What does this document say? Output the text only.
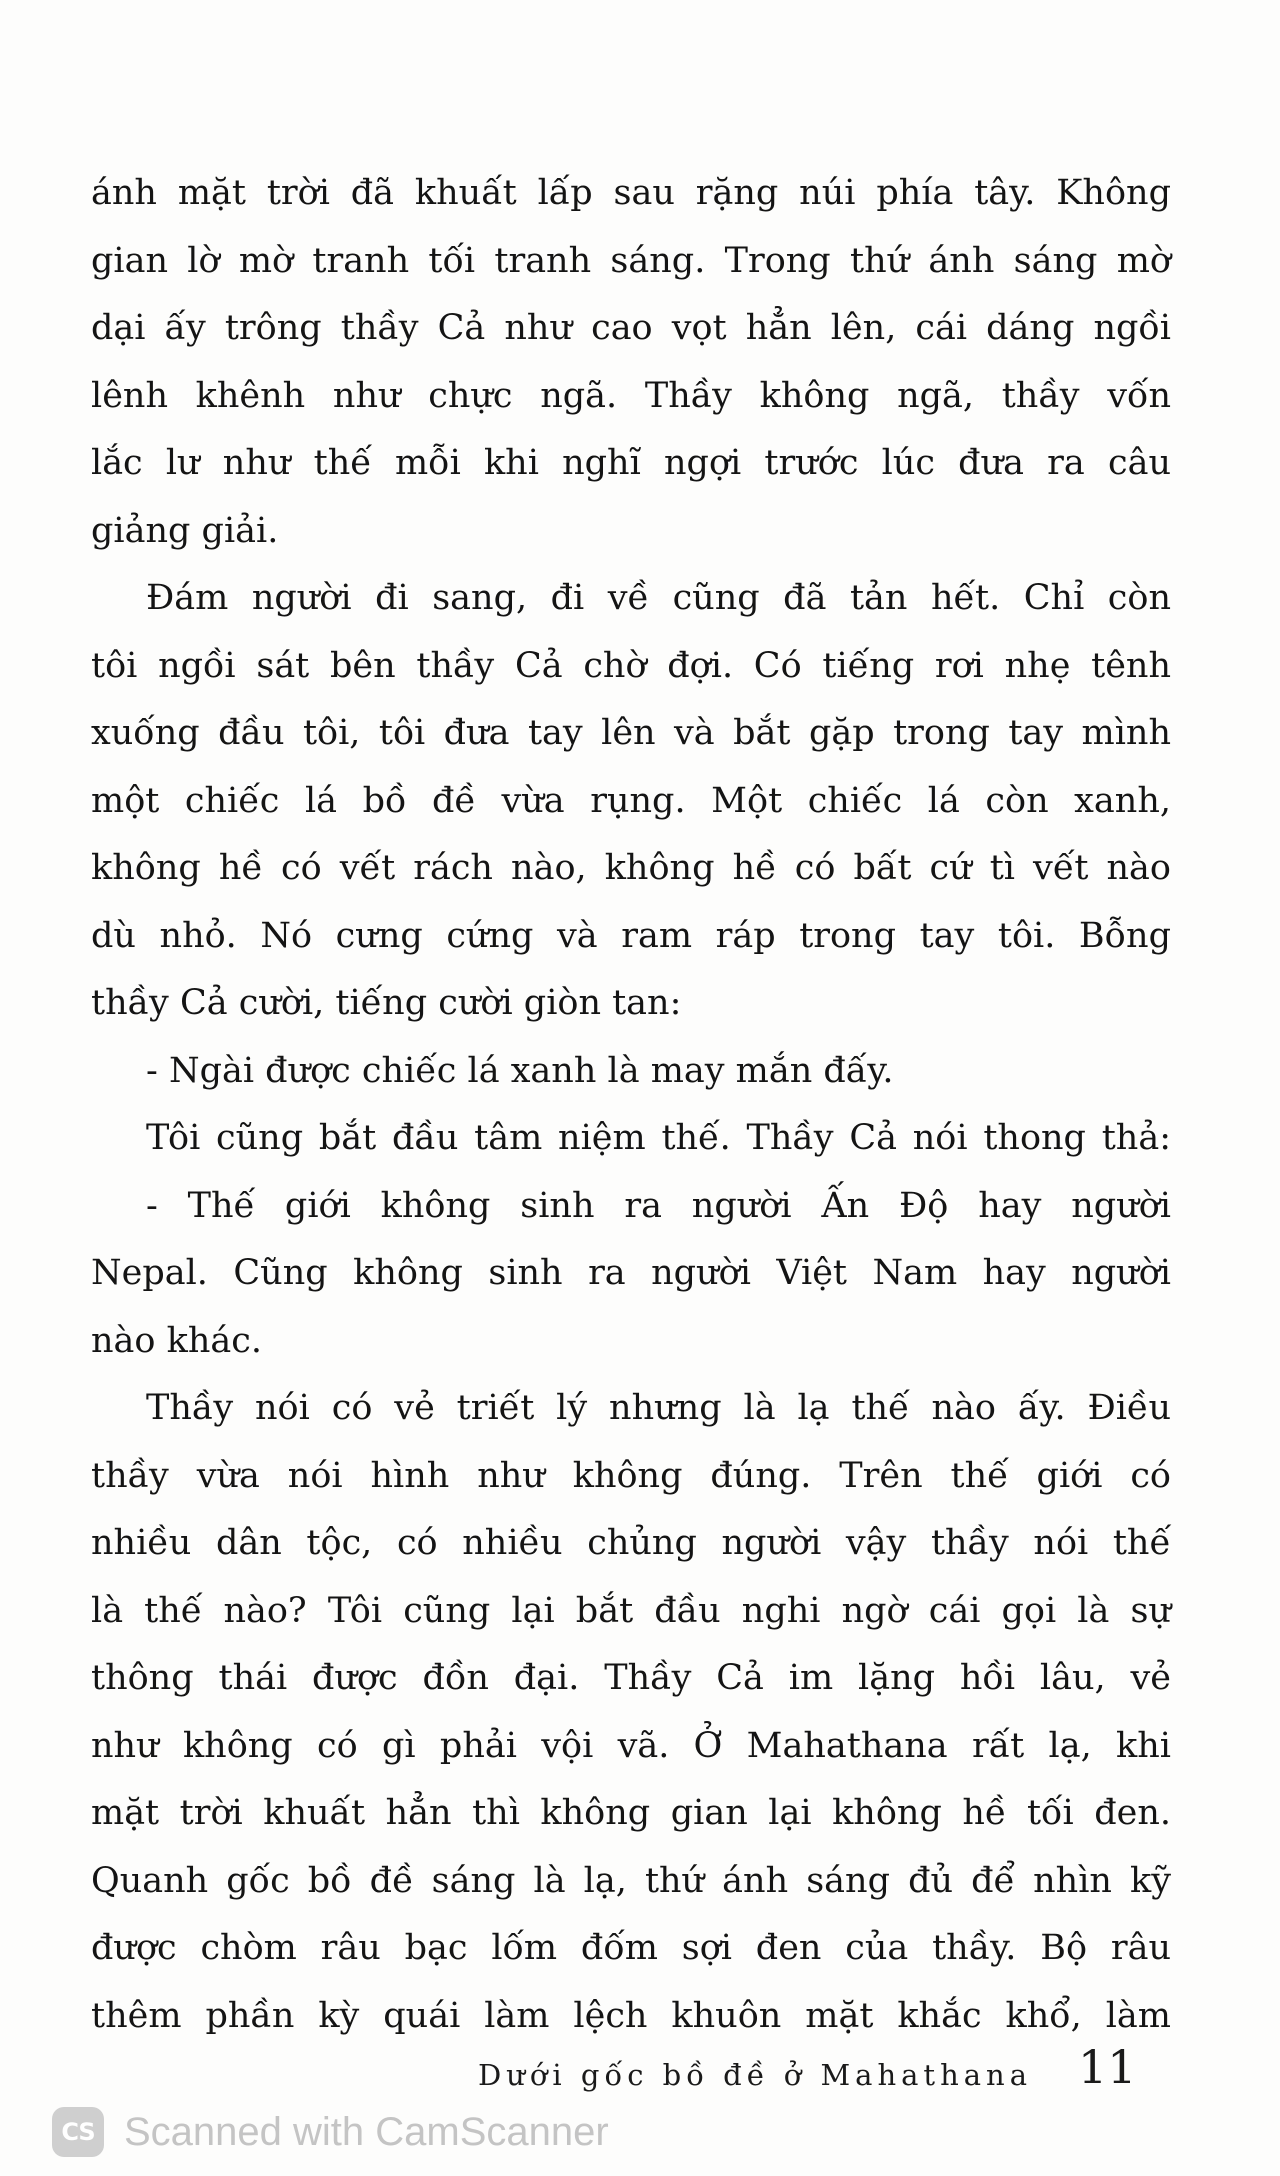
ánh mặt trời đã khuất lấp sau rặng núi phía tây. Không
gian lờ mờ tranh tối tranh sáng. Trong thứ ánh sáng mờ
dại ấy trông thầy Cả như cao vọt hẳn lên, cái dáng ngồi
lênh khênh như chực ngã. Thầy không ngã, thầy vốn
lắc lư như thế mỗi khi nghĩ ngợi trước lúc đưa ra câu
giảng giải.
Đám người đi sang, đi về cũng đã tản hết. Chỉ còn
tôi ngồi sát bên thầy Cả chờ đợi. Có tiếng rơi nhẹ tênh
xuống đầu tôi, tôi đưa tay lên và bắt gặp trong tay mình
một chiếc lá bồ đề vừa rụng. Một chiếc lá còn xanh,
không hề có vết rách nào, không hề có bất cứ tì vết nào
dù nhỏ. Nó cưng cứng và ram ráp trong tay tôi. Bỗng
thầy Cả cười, tiếng cười giòn tan:
- Ngài được chiếc lá xanh là may mắn đấy.
Tôi cũng bắt đầu tâm niệm thế. Thầy Cả nói thong thả:
- Thế giới không sinh ra người Ấn Độ hay người
Nepal. Cũng không sinh ra người Việt Nam hay người
nào khác.
Thầy nói có vẻ triết lý nhưng là lạ thế nào ấy. Điều
thầy vừa nói hình như không đúng. Trên thế giới có
nhiều dân tộc, có nhiều chủng người vậy thầy nói thế
là thế nào? Tôi cũng lại bắt đầu nghi ngờ cái gọi là sự
thông thái được đồn đại. Thầy Cả im lặng hồi lâu, vẻ
như không có gì phải vội vã. Ở Mahathana rất lạ, khi
mặt trời khuất hẳn thì không gian lại không hề tối đen.
Quanh gốc bồ đề sáng là lạ, thứ ánh sáng đủ để nhìn kỹ
được chòm râu bạc lốm đốm sợi đen của thầy. Bộ râu
thêm phần kỳ quái làm lệch khuôn mặt khắc khổ, làm
Dưới gốc bồ đề ở Mahathana 11
CS Scanned with CamScanner
